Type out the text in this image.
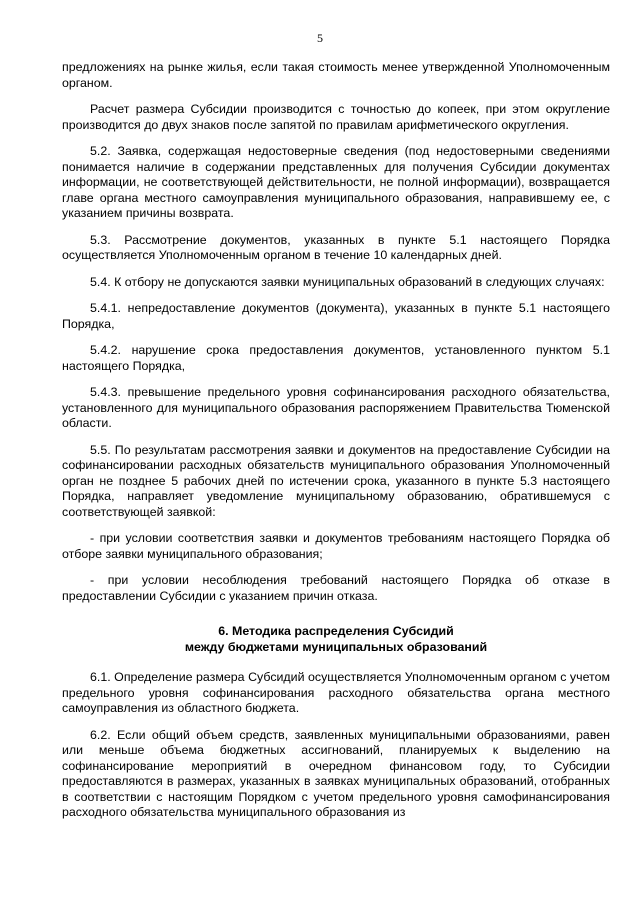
5

предложениях на рынке жилья, если такая стоимость менее утвержденной Уполномоченным органом.

Расчет размера Субсидии производится с точностью до копеек, при этом округление производится до двух знаков после запятой по правилам арифметического округления.

5.2. Заявка, содержащая недостоверные сведения (под недостоверными сведениями понимается наличие в содержании представленных для получения Субсидии документах информации, не соответствующей действительности, не полной информации), возвращается главе органа местного самоуправления муниципального образования, направившему ее, с указанием причины возврата.

5.3. Рассмотрение документов, указанных в пункте 5.1 настоящего Порядка осуществляется Уполномоченным органом в течение 10 календарных дней.

5.4. К отбору не допускаются заявки муниципальных образований в следующих случаях:

5.4.1. непредоставление документов (документа), указанных в пункте 5.1 настоящего Порядка,

5.4.2. нарушение срока предоставления документов, установленного пунктом 5.1 настоящего Порядка,

5.4.3. превышение предельного уровня софинансирования расходного обязательства, установленного для муниципального образования распоряжением Правительства Тюменской области.

5.5. По результатам рассмотрения заявки и документов на предоставление Субсидии на софинансировании расходных обязательств муниципального образования Уполномоченный орган не позднее 5 рабочих дней по истечении срока, указанного в пункте 5.3 настоящего Порядка, направляет уведомление муниципальному образованию, обратившемуся с соответствующей заявкой:

- при условии соответствия заявки и документов требованиям настоящего Порядка об отборе заявки муниципального образования;

- при условии несоблюдения требований настоящего Порядка об отказе в предоставлении Субсидии с указанием причин отказа.

6. Методика распределения Субсидий
между бюджетами муниципальных образований

6.1. Определение размера Субсидий осуществляется Уполномоченным органом с учетом предельного уровня софинансирования расходного обязательства органа местного самоуправления из областного бюджета.

6.2. Если общий объем средств, заявленных муниципальными образованиями, равен или меньше объема бюджетных ассигнований, планируемых к выделению на софинансирование мероприятий в очередном финансовом году, то Субсидии предоставляются в размерах, указанных в заявках муниципальных образований, отобранных в соответствии с настоящим Порядком с учетом предельного уровня самофинансирования расходного обязательства муниципального образования из
